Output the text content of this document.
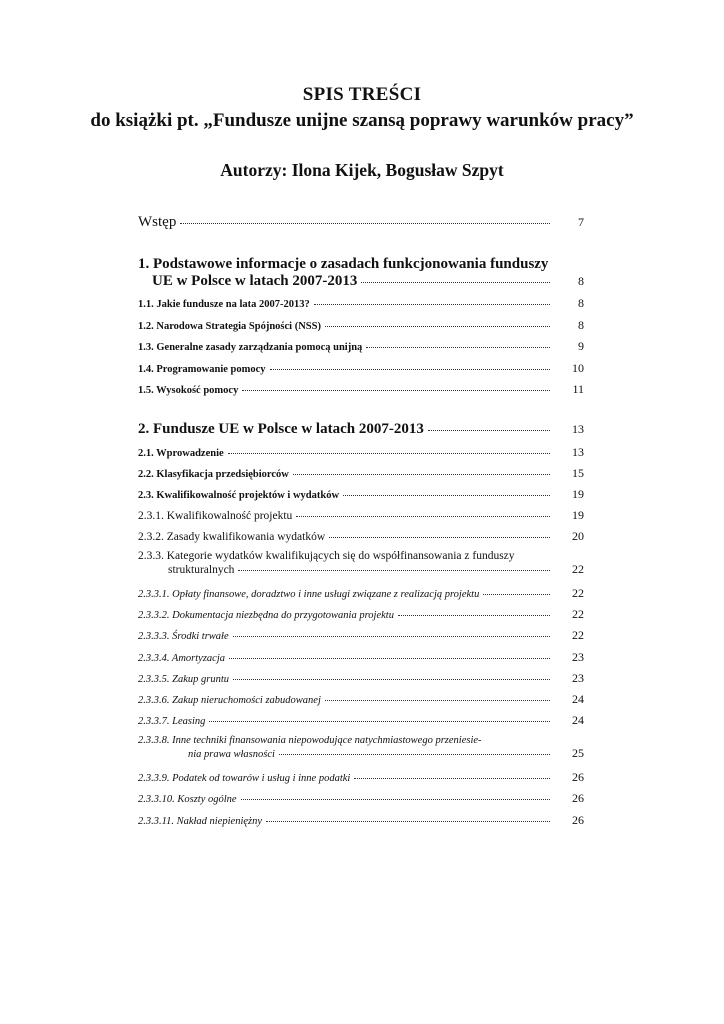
SPIS TREŚCI
do książki pt. „Fundusze unijne szansą poprawy warunków pracy”
Autorzy: Ilona Kijek, Bogusław Szpyt
Wstęp	7
1. Podstawowe informacje o zasadach funkcjonowania funduszy
UE w Polsce w latach 2007-2013	8
1.1. Jakie fundusze na lata 2007-2013?	8
1.2. Narodowa Strategia Spójności (NSS)	8
1.3. Generalne zasady zarządzania pomocą unijną	9
1.4. Programowanie pomocy	10
1.5. Wysokość pomocy	11
2. Fundusze UE w Polsce w latach 2007-2013	13
2.1. Wprowadzenie	13
2.2. Klasyfikacja przedsiębiorców	15
2.3. Kwalifikowalność projektów i wydatków	19
2.3.1. Kwalifikowalność projektu	19
2.3.2. Zasady kwalifikowania wydatków	20
2.3.3. Kategorie wydatków kwalifikujących się do współfinansowania z funduszy
strukturalnych	22
2.3.3.1. Opłaty finansowe, doradztwo i inne usługi związane z realizacją projektu	22
2.3.3.2. Dokumentacja niezbędna do przygotowania projektu	22
2.3.3.3. Środki trwałe	22
2.3.3.4. Amortyzacja	23
2.3.3.5. Zakup gruntu	23
2.3.3.6. Zakup nieruchomości zabudowanej	24
2.3.3.7. Leasing	24
2.3.3.8. Inne techniki finansowania niepowodujące natychmiastowego przeniesie-
nia prawa własności	25
2.3.3.9. Podatek od towarów i usług i inne podatki	26
2.3.3.10. Koszty ogólne	26
2.3.3.11. Nakład niepieniężny	26
